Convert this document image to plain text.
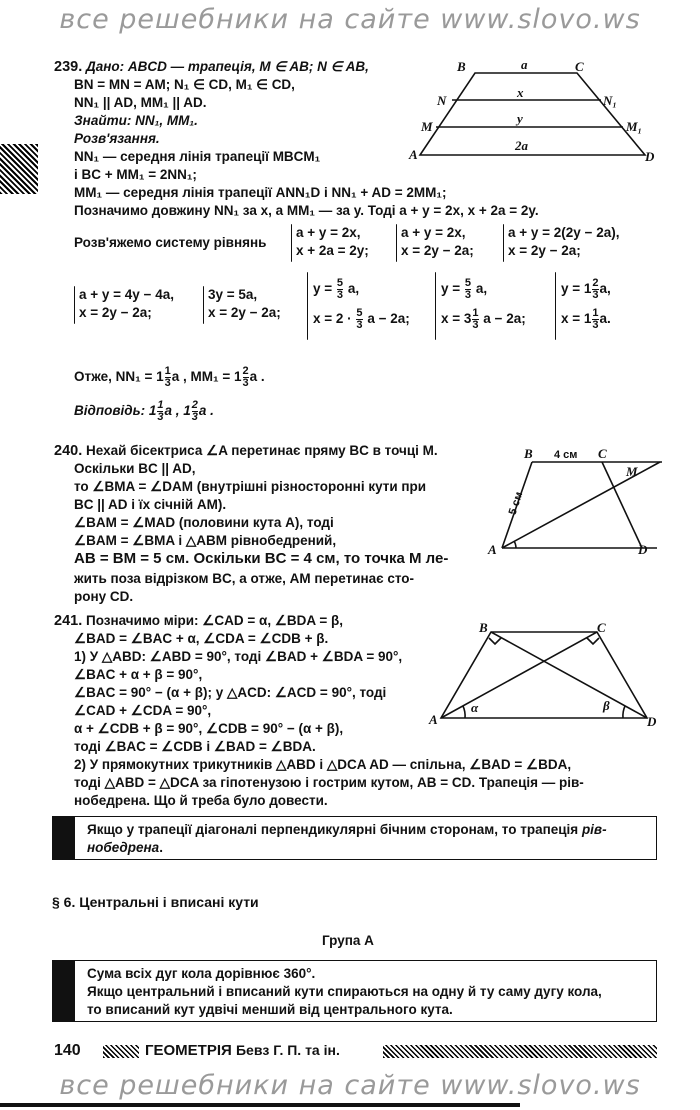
все решебники на сайте www.slovo.ws
239. Дано: ABCD — трапеція, M ∈ AB; N ∈ AB,
BN = MN = AM; N₁ ∈ CD, M₁ ∈ CD,
NN₁ || AD, MM₁ || AD.
Знайти: NN₁, MM₁.
Розв'язання.
NN₁ — середня лінія трапеції MBCM₁
і BC + MM₁ = 2NN₁;
MM₁ — середня лінія трапеції ANN₁D і NN₁ + AD = 2MM₁;
Позначимо довжину NN₁ за x, а MM₁ — за y. Тоді a + y = 2x, x + 2a = 2y.
Розв'яжемо систему рівнянь
a + y = 2x,
x + 2a = 2y;
a + y = 2x,
x = 2y − 2a;
a + y = 2(2y − 2a),
x = 2y − 2a;
a + y = 4y − 4a,
x = 2y − 2a;
3y = 5a,
x = 2y − 2a;
$y = \frac{5}{3} a$,
$x = 2 \cdot \frac{5}{3}$ a − 2a;
$y = \frac{5}{3} a$,
$x = 3 \frac{1}{3}$ a − 2a;
$y = 1 \frac{2}{3} a$,
$x = 1 \frac{1}{3} a$.
Отже, $NN_1 = 1 \frac{1}{3}$ a , $MM_1 = 1 \frac{2}{3}$ a .
Відповідь: $1 \frac{1}{3}$ a , $1 \frac{2}{3}$ a .
B	C
a
N	N₁
x
M	M₁
y
A	D
2a
240. Нехай бісектриса ∠A перетинає пряму BC в точці M.
Оскільки BC || AD,
то ∠BMA = ∠DAM (внутрішні різносторонні кути при
BC || AD і їх січній AM).
∠BAM = ∠MAD (половини кута A), тоді
∠BAM = ∠BMA і △ABM рівнобедрений,
AB = BM = 5 см. Оскільки BC = 4 см, то точка M ле-
жить поза відрізком BC, а отже, AM перетинає сто-
рону CD.
B	C
M
A	D
4 см
5 см
241. Позначимо міри: ∠CAD = α, ∠BDA = β,
∠BAD = ∠BAC + α, ∠CDA = ∠CDB + β.
1) У △ABD: ∠ABD = 90°, тоді ∠BAD + ∠BDA = 90°,
∠BAC + α + β = 90°,
∠BAC = 90° − (α + β); у △ACD: ∠ACD = 90°, тоді
∠CAD + ∠CDA = 90°,
α + ∠CDB + β = 90°, ∠CDB = 90° − (α + β),
тоді ∠BAC = ∠CDB і ∠BAD = ∠BDA.
2) У прямокутних трикутників △ABD і △DCA AD — спільна, ∠BAD = ∠BDA,
тоді △ABD = △DCA за гіпотенузою і гострим кутом, AB = CD. Трапеція — рів-
нобедрена. Що й треба було довести.
B	C
A	D
α	β
Якщо у трапеції діагоналі перпендикулярні бічним сторонам, то трапеція рів-
нобедрена.
§ 6. Центральні і вписані кути
Група А
Сума всіх дуг кола дорівнює 360°.
Якщо центральний і вписаний кути спираються на одну й ту саму дугу кола,
то вписаний кут удвічі менший від центрального кута.
140	ГЕОМЕТРІЯ Бевз Г. П. та ін.
все решебники на сайте www.slovo.ws
